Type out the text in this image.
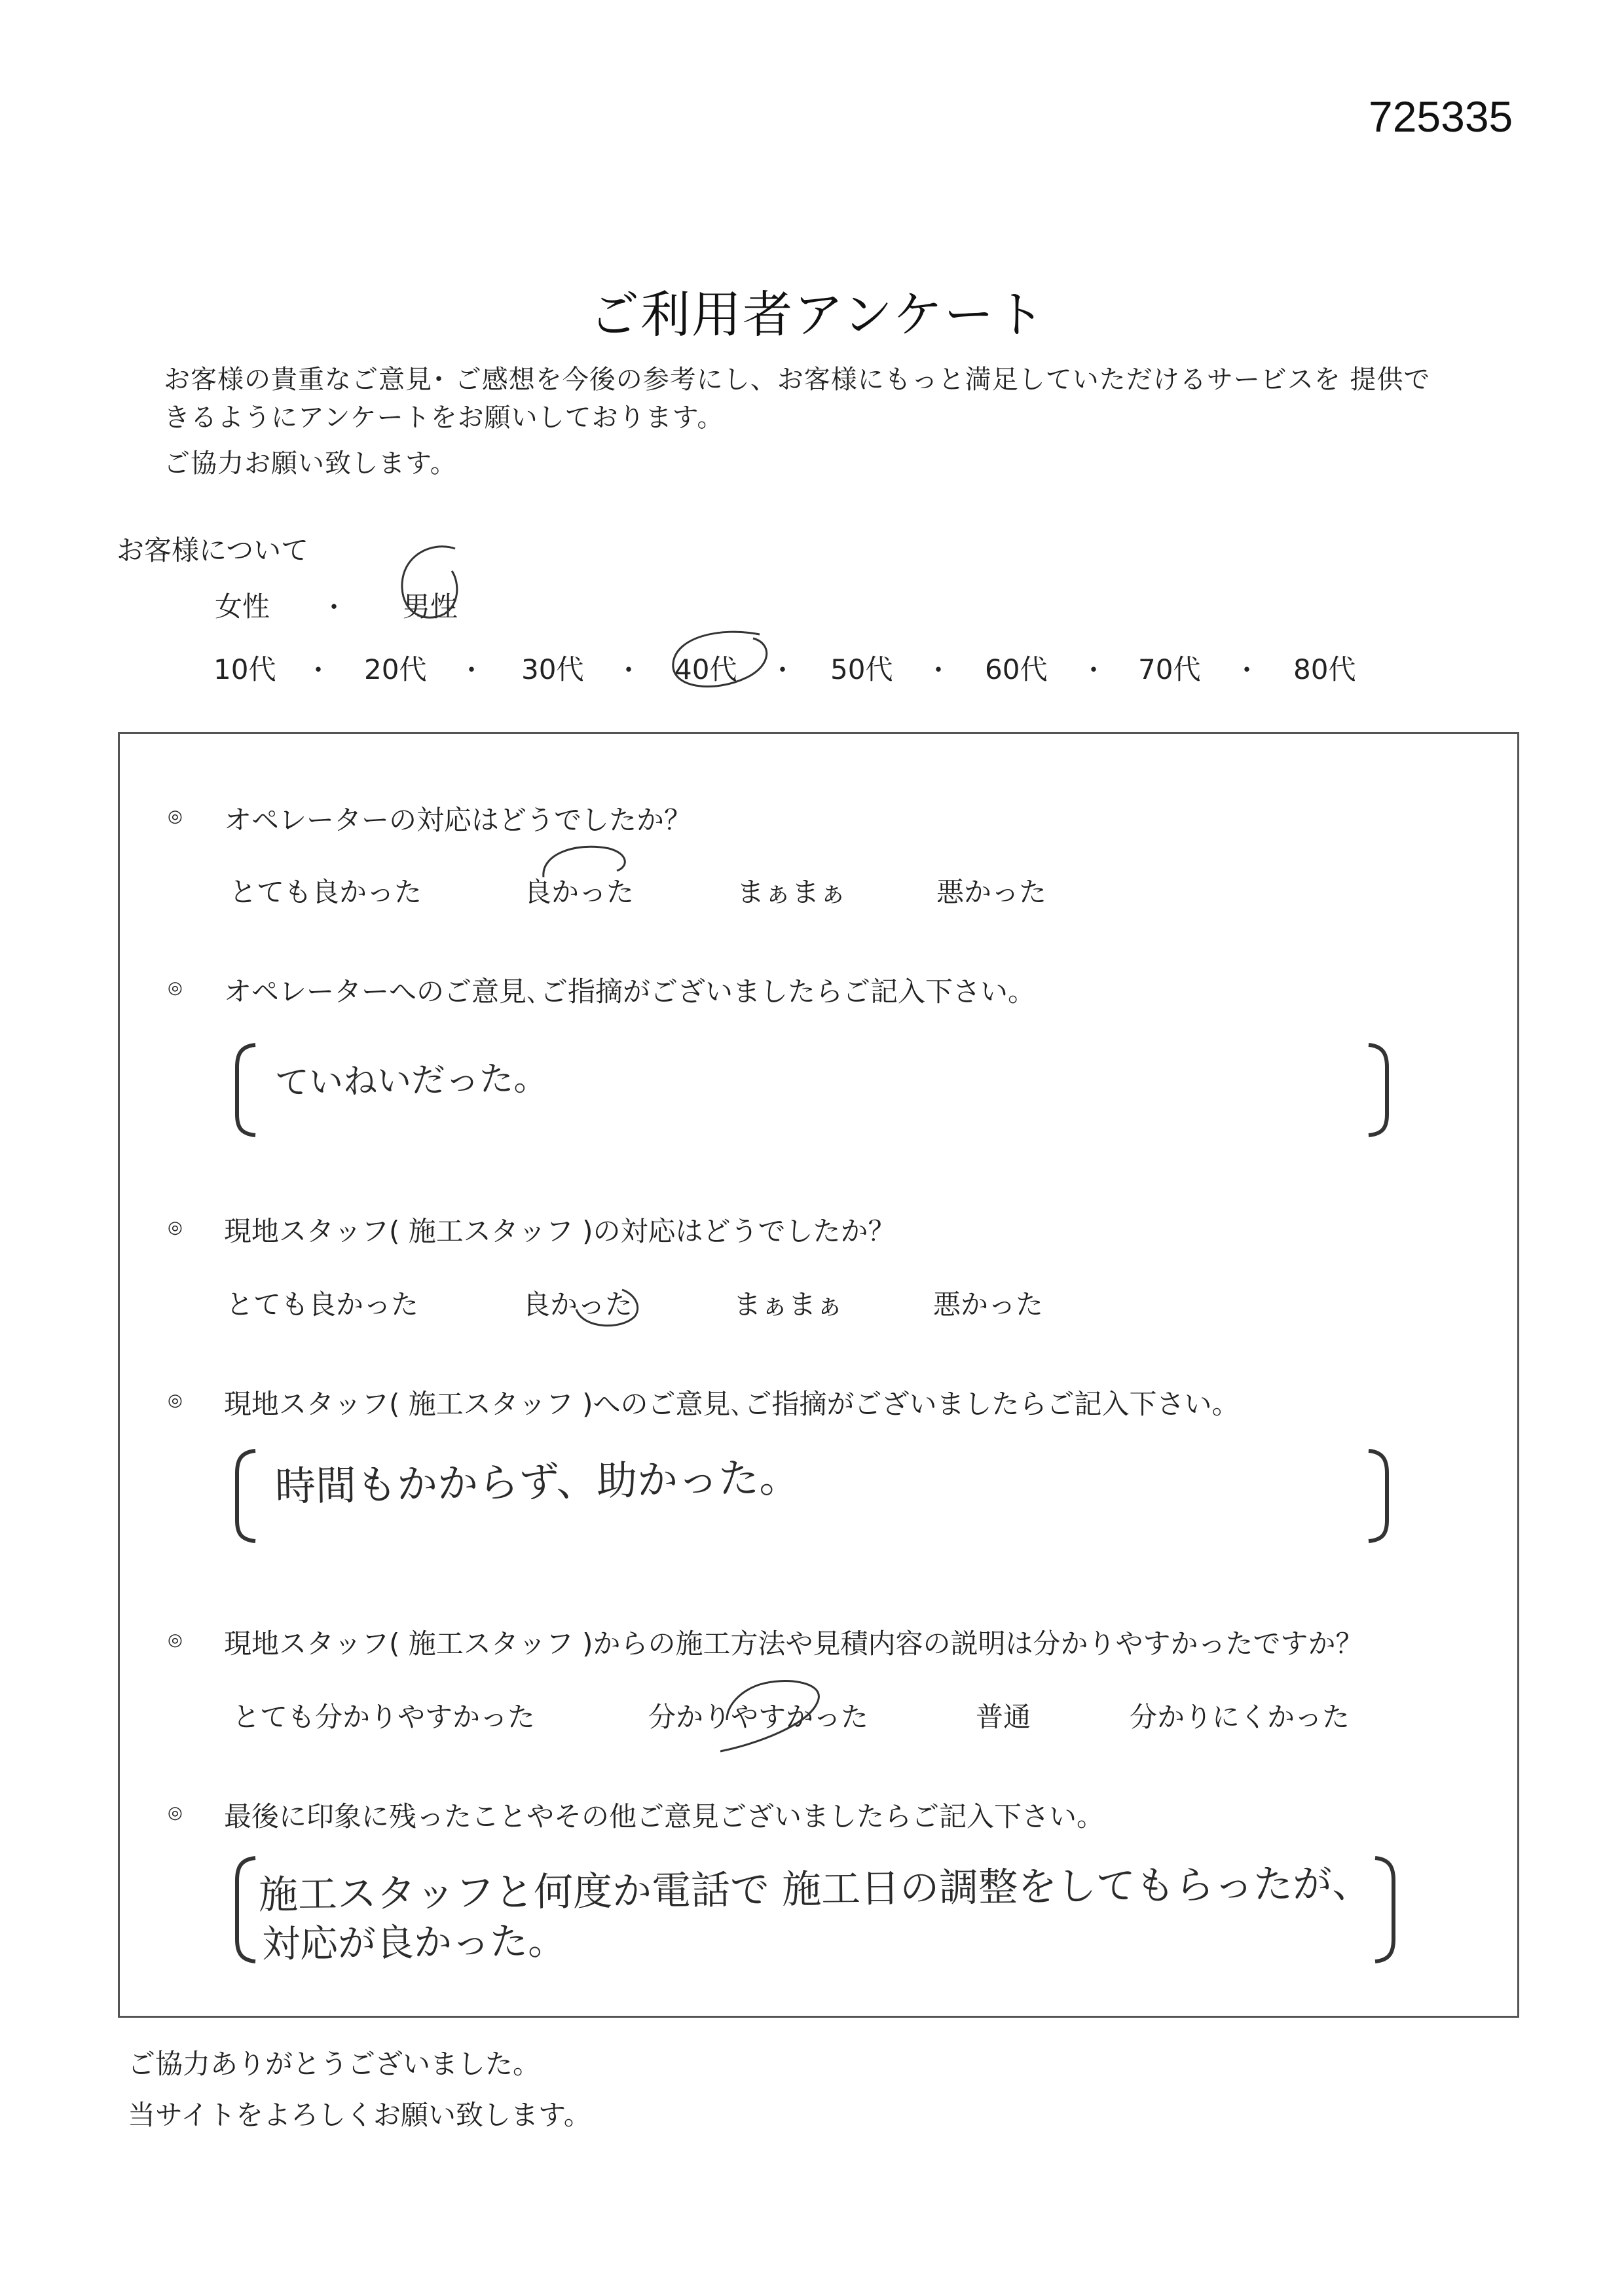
725335
ご利用者アンケート
お客様の貴重なご意見･ ご感想を今後の参考にし、お客様にもっと満足していただけるサービスを 提供で
きるようにアンケートをお願いしております。
ご協力お願い致します。
お客様について
女性 ・ 男性
10代 ・ 20代 ・ 30代 ・ 40代 ・ 50代 ・ 60代 ・ 70代 ・ 80代
◎ オペレーターの対応はどうでしたか？
とても良かった	良かった	まぁまぁ	悪かった
◎ オペレーターへのご意見､ご指摘がございましたらご記入下さい。
ていねいだった。
◎ 現地スタッフ( 施工スタッフ )の対応はどうでしたか？
とても良かった	良かった	まぁまぁ	悪かった
◎ 現地スタッフ( 施工スタッフ )へのご意見､ご指摘がございましたらご記入下さい。
時間もかからず、助かった。
◎ 現地スタッフ( 施工スタッフ )からの施工方法や見積内容の説明は分かりやすかったですか？
とても分かりやすかった	分かりやすかった	普通	分かりにくかった
◎ 最後に印象に残ったことやその他ご意見ございましたらご記入下さい。
施工スタッフと何度か電話で 施工日の調整をしてもらったが、
対応が良かった。
ご協力ありがとうございました。
当サイトをよろしくお願い致します。
